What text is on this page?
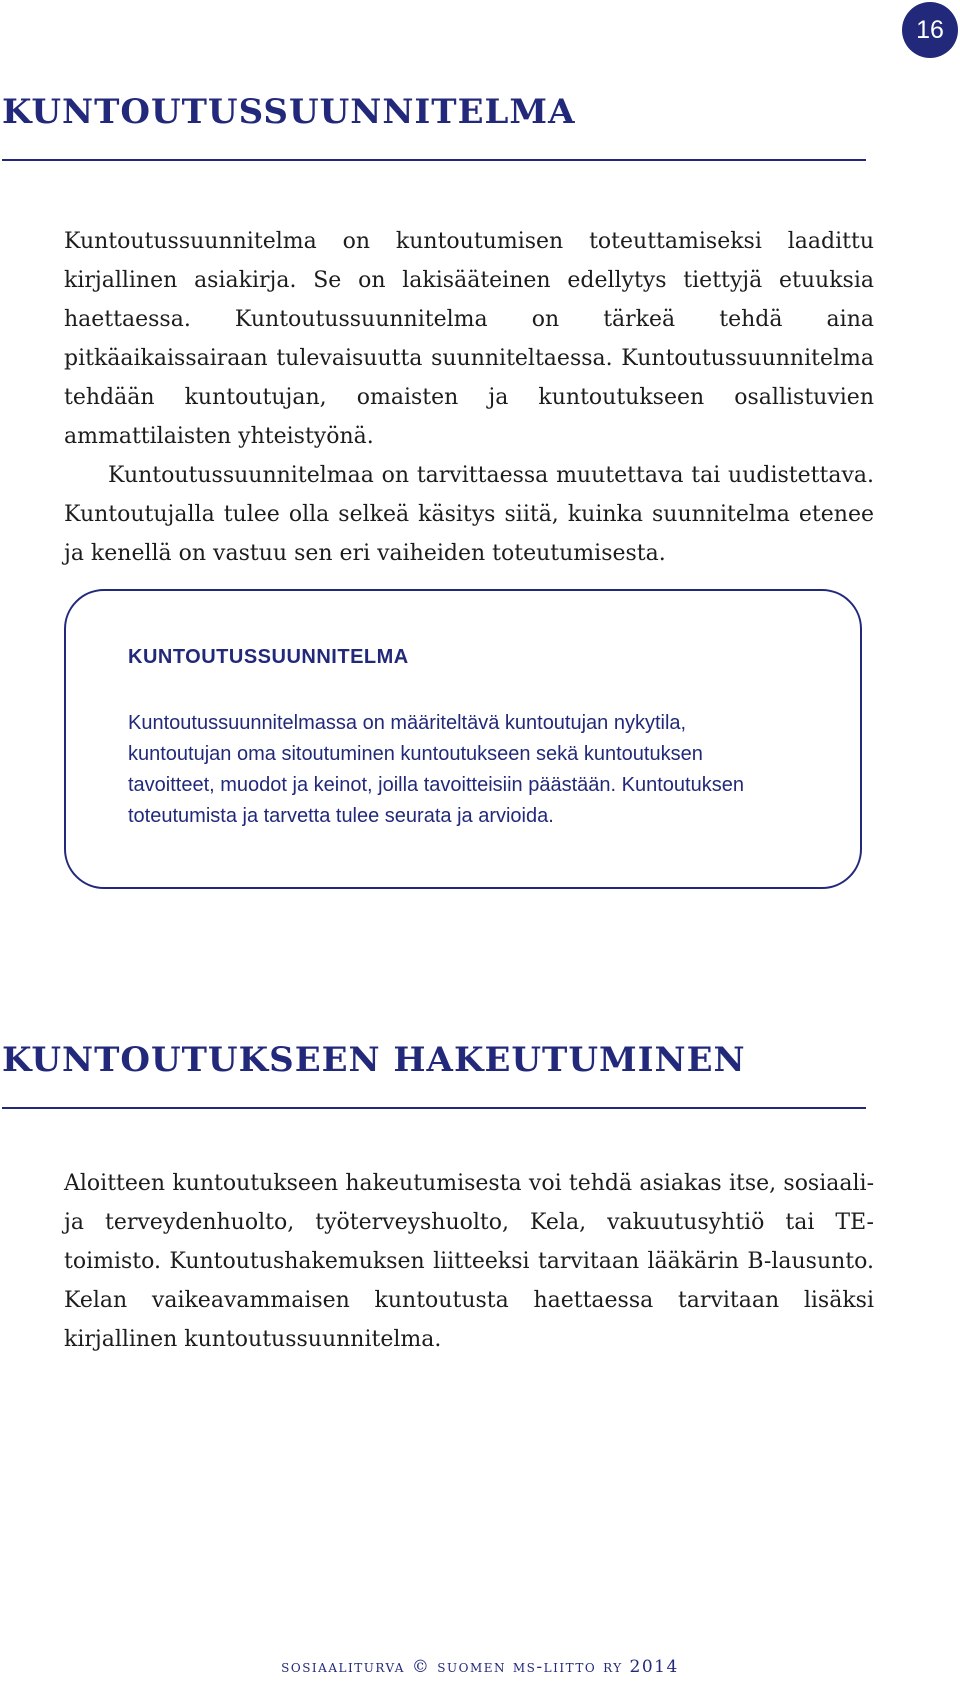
16
KUNTOUTUSSUUNNITELMA

Kuntoutussuunnitelma on kuntoutumisen toteuttamiseksi laadittu kirjallinen asiakirja. Se on lakisääteinen edellytys tiettyjä etuuksia haettaessa. Kuntoutussuunnitelma on tärkeä tehdä aina pitkäaikaissairaan tulevaisuutta suunniteltaessa. Kuntoutussuunnitelma tehdään kuntoutujan, omaisten ja kuntoutukseen osallistuvien ammattilaisten yhteistyönä.

Kuntoutussuunnitelmaa on tarvittaessa muutettava tai uudistettava. Kuntoutujalla tulee olla selkeä käsitys siitä, kuinka suunnitelma etenee ja kenellä on vastuu sen eri vaiheiden toteutumisesta.

KUNTOUTUSSUUNNITELMA

Kuntoutussuunnitelmassa on määriteltävä kuntoutujan nykytila, kuntoutujan oma sitoutuminen kuntoutukseen sekä kuntoutuksen tavoitteet, muodot ja keinot, joilla tavoitteisiin päästään. Kuntoutuksen toteutumista ja tarvetta tulee seurata ja arvioida.

KUNTOUTUKSEEN HAKEUTUMINEN

Aloitteen kuntoutukseen hakeutumisesta voi tehdä asiakas itse, sosiaali- ja terveydenhuolto, työterveyshuolto, Kela, vakuutusyhtiö tai TE-toimisto. Kuntoutushakemuksen liitteeksi tarvitaan lääkärin B-lausunto. Kelan vaikeavammaisen kuntoutusta haettaessa tarvitaan lisäksi kirjallinen kuntoutussuunnitelma.

sosiaaliturva © suomen ms-liitto ry 2014
